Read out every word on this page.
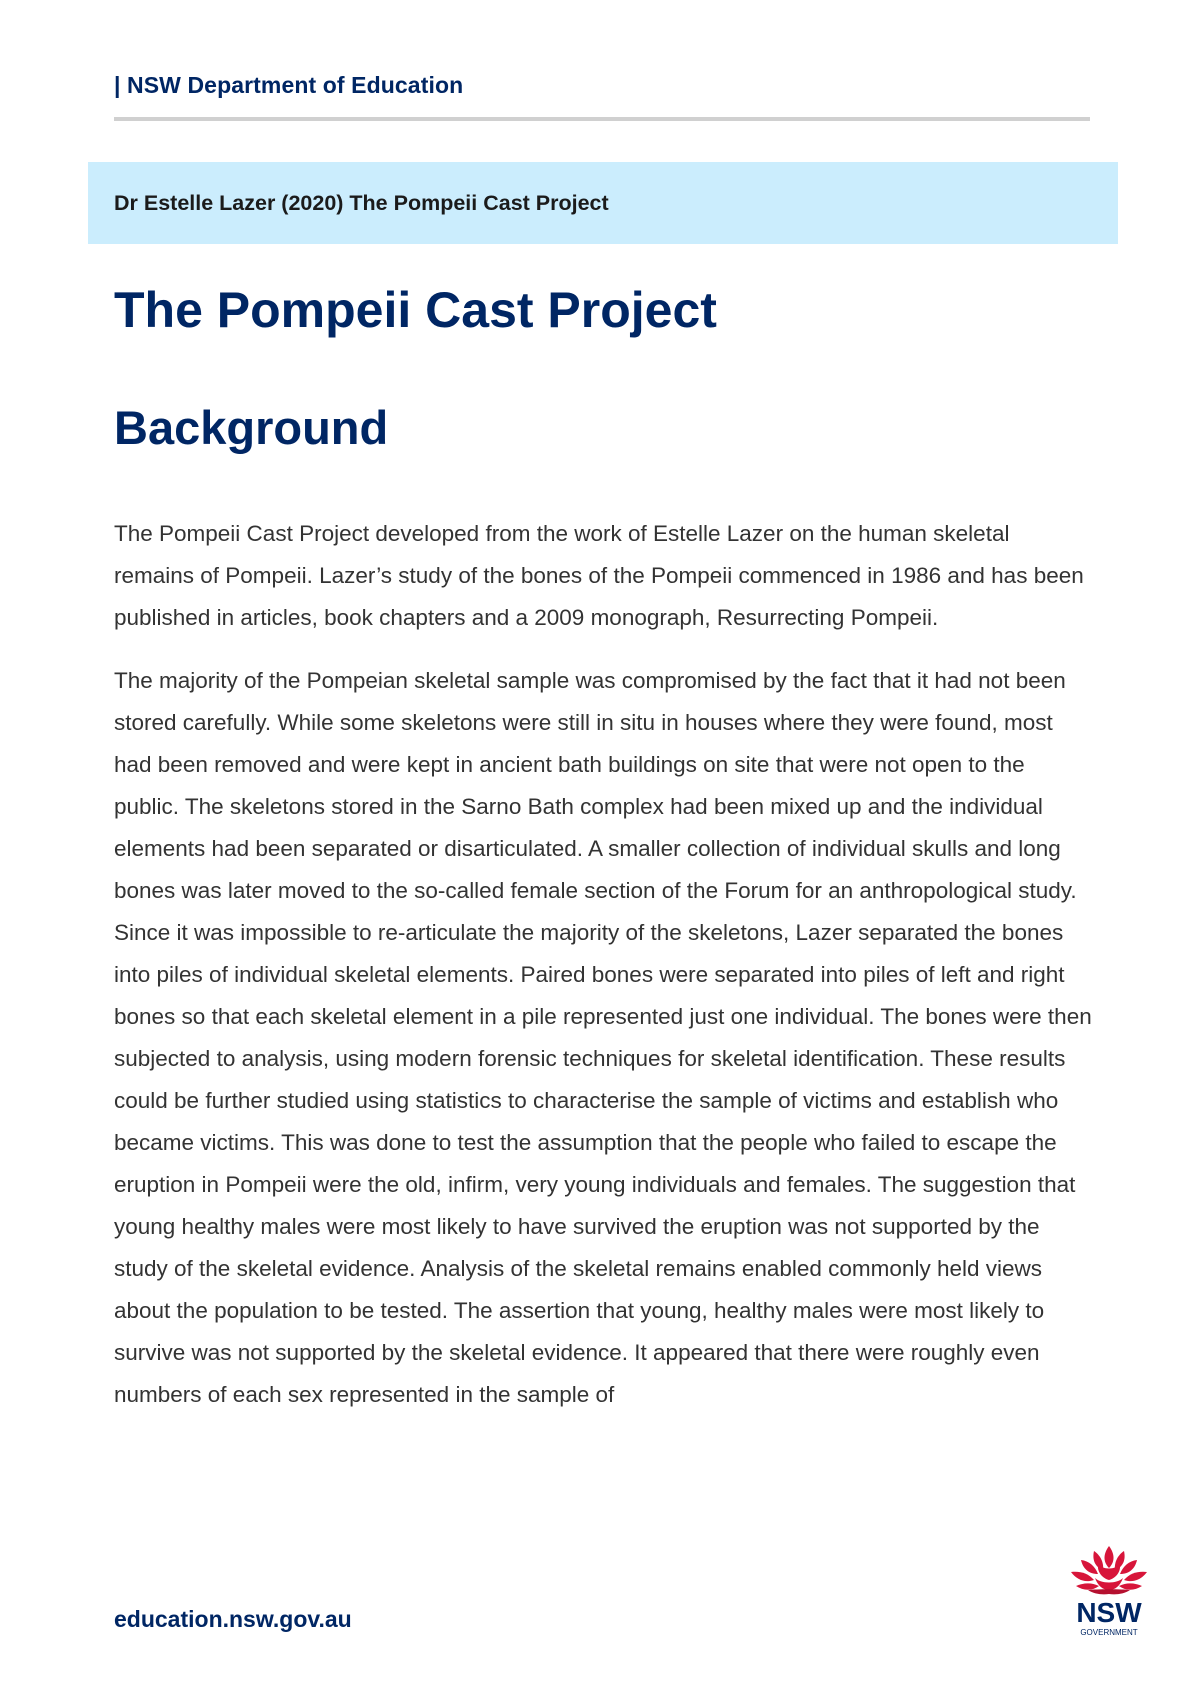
| NSW Department of Education
Dr Estelle Lazer (2020) The Pompeii Cast Project
The Pompeii Cast Project
Background

The Pompeii Cast Project developed from the work of Estelle Lazer on the human skeletal remains of Pompeii. Lazer’s study of the bones of the Pompeii commenced in 1986 and has been published in articles, book chapters and a 2009 monograph, Resurrecting Pompeii.

The majority of the Pompeian skeletal sample was compromised by the fact that it had not been stored carefully. While some skeletons were still in situ in houses where they were found, most had been removed and were kept in ancient bath buildings on site that were not open to the public. The skeletons stored in the Sarno Bath complex had been mixed up and the individual elements had been separated or disarticulated. A smaller collection of individual skulls and long bones was later moved to the so-called female section of the Forum for an anthropological study. Since it was impossible to re-articulate the majority of the skeletons, Lazer separated the bones into piles of individual skeletal elements. Paired bones were separated into piles of left and right bones so that each skeletal element in a pile represented just one individual. The bones were then subjected to analysis, using modern forensic techniques for skeletal identification. These results could be further studied using statistics to characterise the sample of victims and establish who became victims. This was done to test the assumption that the people who failed to escape the eruption in Pompeii were the old, infirm, very young individuals and females. The suggestion that young healthy males were most likely to have survived the eruption was not supported by the study of the skeletal evidence. Analysis of the skeletal remains enabled commonly held views about the population to be tested. The assertion that young, healthy males were most likely to survive was not supported by the skeletal evidence. It appeared that there were roughly even numbers of each sex represented in the sample of

education.nsw.gov.au	NSW
GOVERNMENT
